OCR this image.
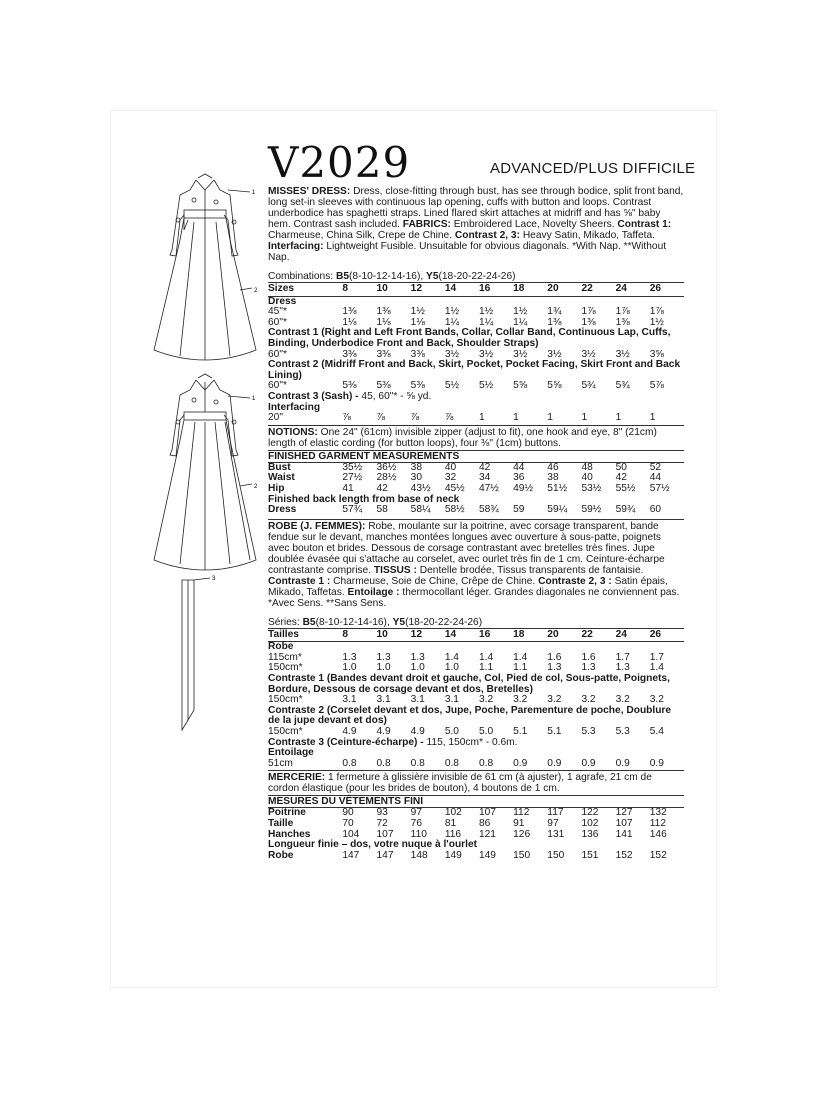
1
2
1
2
3
V2029	ADVANCED/PLUS DIFFICILE

MISSES' DRESS: Dress, close-fitting through bust, has see through bodice, split front band, long set-in sleeves with continuous lap opening, cuffs with button and loops. Contrast underbodice has spaghetti straps. Lined flared skirt attaches at midriff and has ⅝" baby hem. Contrast sash included. FABRICS: Embroidered Lace, Novelty Sheers. Contrast 1: Charmeuse, China Silk, Crepe de Chine. Contrast 2, 3: Heavy Satin, Mikado, Taffeta. Interfacing: Lightweight Fusible. Unsuitable for obvious diagonals. *With Nap. **Without Nap.

Combinations: B5(8-10-12-14-16), Y5(18-20-22-24-26)
Sizes	8	10	12	14	16	18	20	22	24	26
Dress										
45"*	1⅜	1⅜	1½	1½	1½	1½	1¾	1⅞	1⅞	1⅞
60"*	1⅛	1⅛	1⅛	1¼	1¼	1¼	1⅜	1⅜	1⅜	1½
Contrast 1 (Right and Left Front Bands, Collar, Collar Band, Continuous Lap, Cuffs, Binding, Underbodice Front and Back, Shoulder Straps)										
60"*	3⅜	3⅜	3⅜	3½	3½	3½	3½	3½	3½	3⅝
Contrast 2 (Midriff Front and Back, Skirt, Pocket, Pocket Facing, Skirt Front and Back Lining)										
60"*	5⅜	5⅜	5⅜	5½	5½	5⅝	5⅝	5¾	5¾	5⅞
Contrast 3 (Sash) - 45, 60"* - ⅝ yd.										
Interfacing										
20"	⅞	⅞	⅞	⅞	1	1	1	1	1	1
NOTIONS: One 24" (61cm) invisible zipper (adjust to fit), one hook and eye, 8" (21cm) length of elastic cording (for button loops), four ⅜" (1cm) buttons.
FINISHED GARMENT MEASUREMENTS
Bust	35½	36½	38	40	42	44	46	48	50	52
Waist	27½	28½	30	32	34	36	38	40	42	44
Hip	41	42	43½	45½	47½	49½	51½	53½	55½	57½
Finished back length from base of neck										
Dress	57¾	58	58¼	58½	58¾	59	59¼	59½	59¾	60

ROBE (J. FEMMES): Robe, moulante sur la poitrine, avec corsage transparent, bande fendue sur le devant, manches montées longues avec ouverture à sous-patte, poignets avec bouton et brides. Dessous de corsage contrastant avec bretelles très fines. Jupe doublée évasée qui s'attache au corselet, avec ourlet très fin de 1 cm. Ceinture-écharpe contrastante comprise. TISSUS : Dentelle brodée, Tissus transparents de fantaisie. Contraste 1 : Charmeuse, Soie de Chine, Crêpe de Chine. Contraste 2, 3 : Satin épais, Mikado, Taffetas. Entoilage : thermocollant léger. Grandes diagonales ne conviennent pas. *Avec Sens. **Sans Sens.

Séries: B5(8-10-12-14-16), Y5(18-20-22-24-26)
Tailles	8	10	12	14	16	18	20	22	24	26
Robe										
115cm*	1.3	1.3	1.3	1.4	1.4	1.4	1.6	1.6	1.7	1.7
150cm*	1.0	1.0	1.0	1.0	1.1	1.1	1.3	1.3	1.3	1.4
Contraste 1 (Bandes devant droit et gauche, Col, Pied de col, Sous-patte, Poignets, Bordure, Dessous de corsage devant et dos, Bretelles)										
150cm*	3.1	3.1	3.1	3.1	3.2	3.2	3.2	3.2	3.2	3.2
Contraste 2 (Corselet devant et dos, Jupe, Poche, Parementure de poche, Doublure de la jupe devant et dos)										
150cm*	4.9	4.9	4.9	5.0	5.0	5.1	5.1	5.3	5.3	5.4
Contraste 3 (Ceinture-écharpe) - 115, 150cm* - 0.6m.										
Entoilage										
51cm	0.8	0.8	0.8	0.8	0.8	0.9	0.9	0.9	0.9	0.9
MERCERIE: 1 fermeture à glissière invisible de 61 cm (à ajuster), 1 agrafe, 21 cm de cordon élastique (pour les brides de bouton), 4 boutons de 1 cm.
MESURES DU VÊTEMENTS FINI
Poitrine	90	93	97	102	107	112	117	122	127	132
Taille	70	72	76	81	86	91	97	102	107	112
Hanches	104	107	110	116	121	126	131	136	141	146
Longueur finie – dos, votre nuque à l'ourlet										
Robe	147	147	148	149	149	150	150	151	152	152
